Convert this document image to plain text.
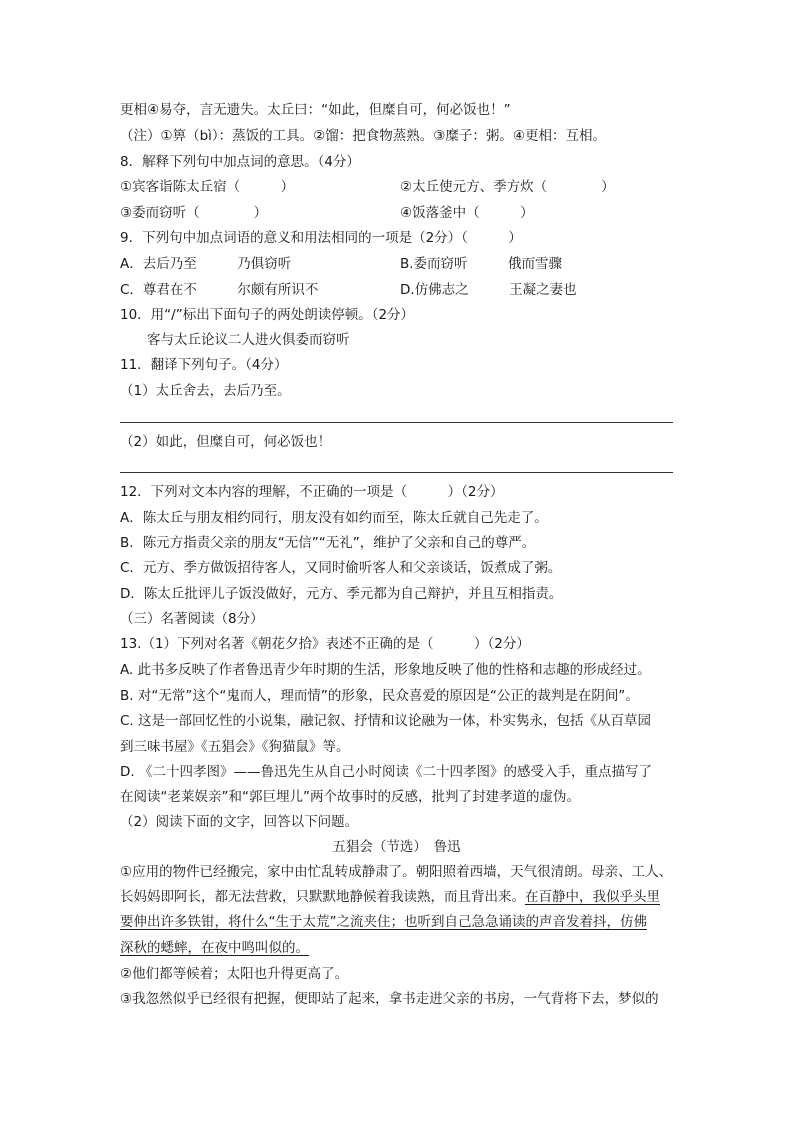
更相④易夺，言无遗失。太丘曰：“如此，但糜自可，何必饭也！”
（注）①箅（bì）：蒸饭的工具。②馏：把食物蒸熟。③糜子：粥。④更相：互相。
8．解释下列句中加点词的意思。（4分）
①宾客诣陈太丘宿（　　　）	②太丘使元方、季方炊（　　　　）
③委而窃听（　　　　）	④饭落釜中（　　　）
9．下列句中加点词语的意义和用法相同的一项是（2分）（　　　）
A．去后乃至　　　乃俱窃听	B.委而窃听　　　俄而雪骤
C．尊君在不　　　尔颇有所识不	D.仿佛志之　　　王凝之妻也
10．用“/”标出下面句子的两处朗读停顿。（2分）
客与太丘论议二人进火俱委而窃听
11．翻译下列句子。（4分）
（1）太丘舍去，去后乃至。
（2）如此，但糜自可，何必饭也！
12．下列对文本内容的理解，不正确的一项是（　　　）（2分）
A．陈太丘与朋友相约同行，朋友没有如约而至，陈太丘就自己先走了。
B．陈元方指责父亲的朋友“无信”“无礼”，维护了父亲和自己的尊严。
C．元方、季方做饭招待客人，又同时偷听客人和父亲谈话，饭煮成了粥。
D．陈太丘批评儿子饭没做好，元方、季元都为自己辩护，并且互相指责。
（三）名著阅读（8分）
13.（1）下列对名著《朝花夕拾》表述不正确的是（　　　）（2分）
A. 此书多反映了作者鲁迅青少年时期的生活，形象地反映了他的性格和志趣的形成经过。
B. 对“无常”这个“鬼而人，理而情”的形象，民众喜爱的原因是“公正的裁判是在阴间”。
C. 这是一部回忆性的小说集，融记叙、抒情和议论融为一体，朴实隽永，包括《从百草园
到三味书屋》《五猖会》《狗猫鼠》等。
D. 《二十四孝图》——鲁迅先生从自己小时阅读《二十四孝图》的感受入手，重点描写了
在阅读“老莱娱亲”和“郭巨埋儿”两个故事时的反感，批判了封建孝道的虚伪。
（2）阅读下面的文字，回答以下问题。
五猖会（节选）　鲁迅
①应用的物件已经搬完，家中由忙乱转成静肃了。朝阳照着西墙，天气很清朗。母亲、工人、
长妈妈即阿长，都无法营救，只默默地静候着我读熟，而且背出来。在百静中，我似乎头里
要伸出许多铁钳，将什么“生于太荒”之流夹住；也听到自己急急诵读的声音发着抖，仿佛
深秋的蟋蟀，在夜中鸣叫似的。
②他们都等候着；太阳也升得更高了。
③我忽然似乎已经很有把握，便即站了起来，拿书走进父亲的书房，一气背将下去，梦似的
